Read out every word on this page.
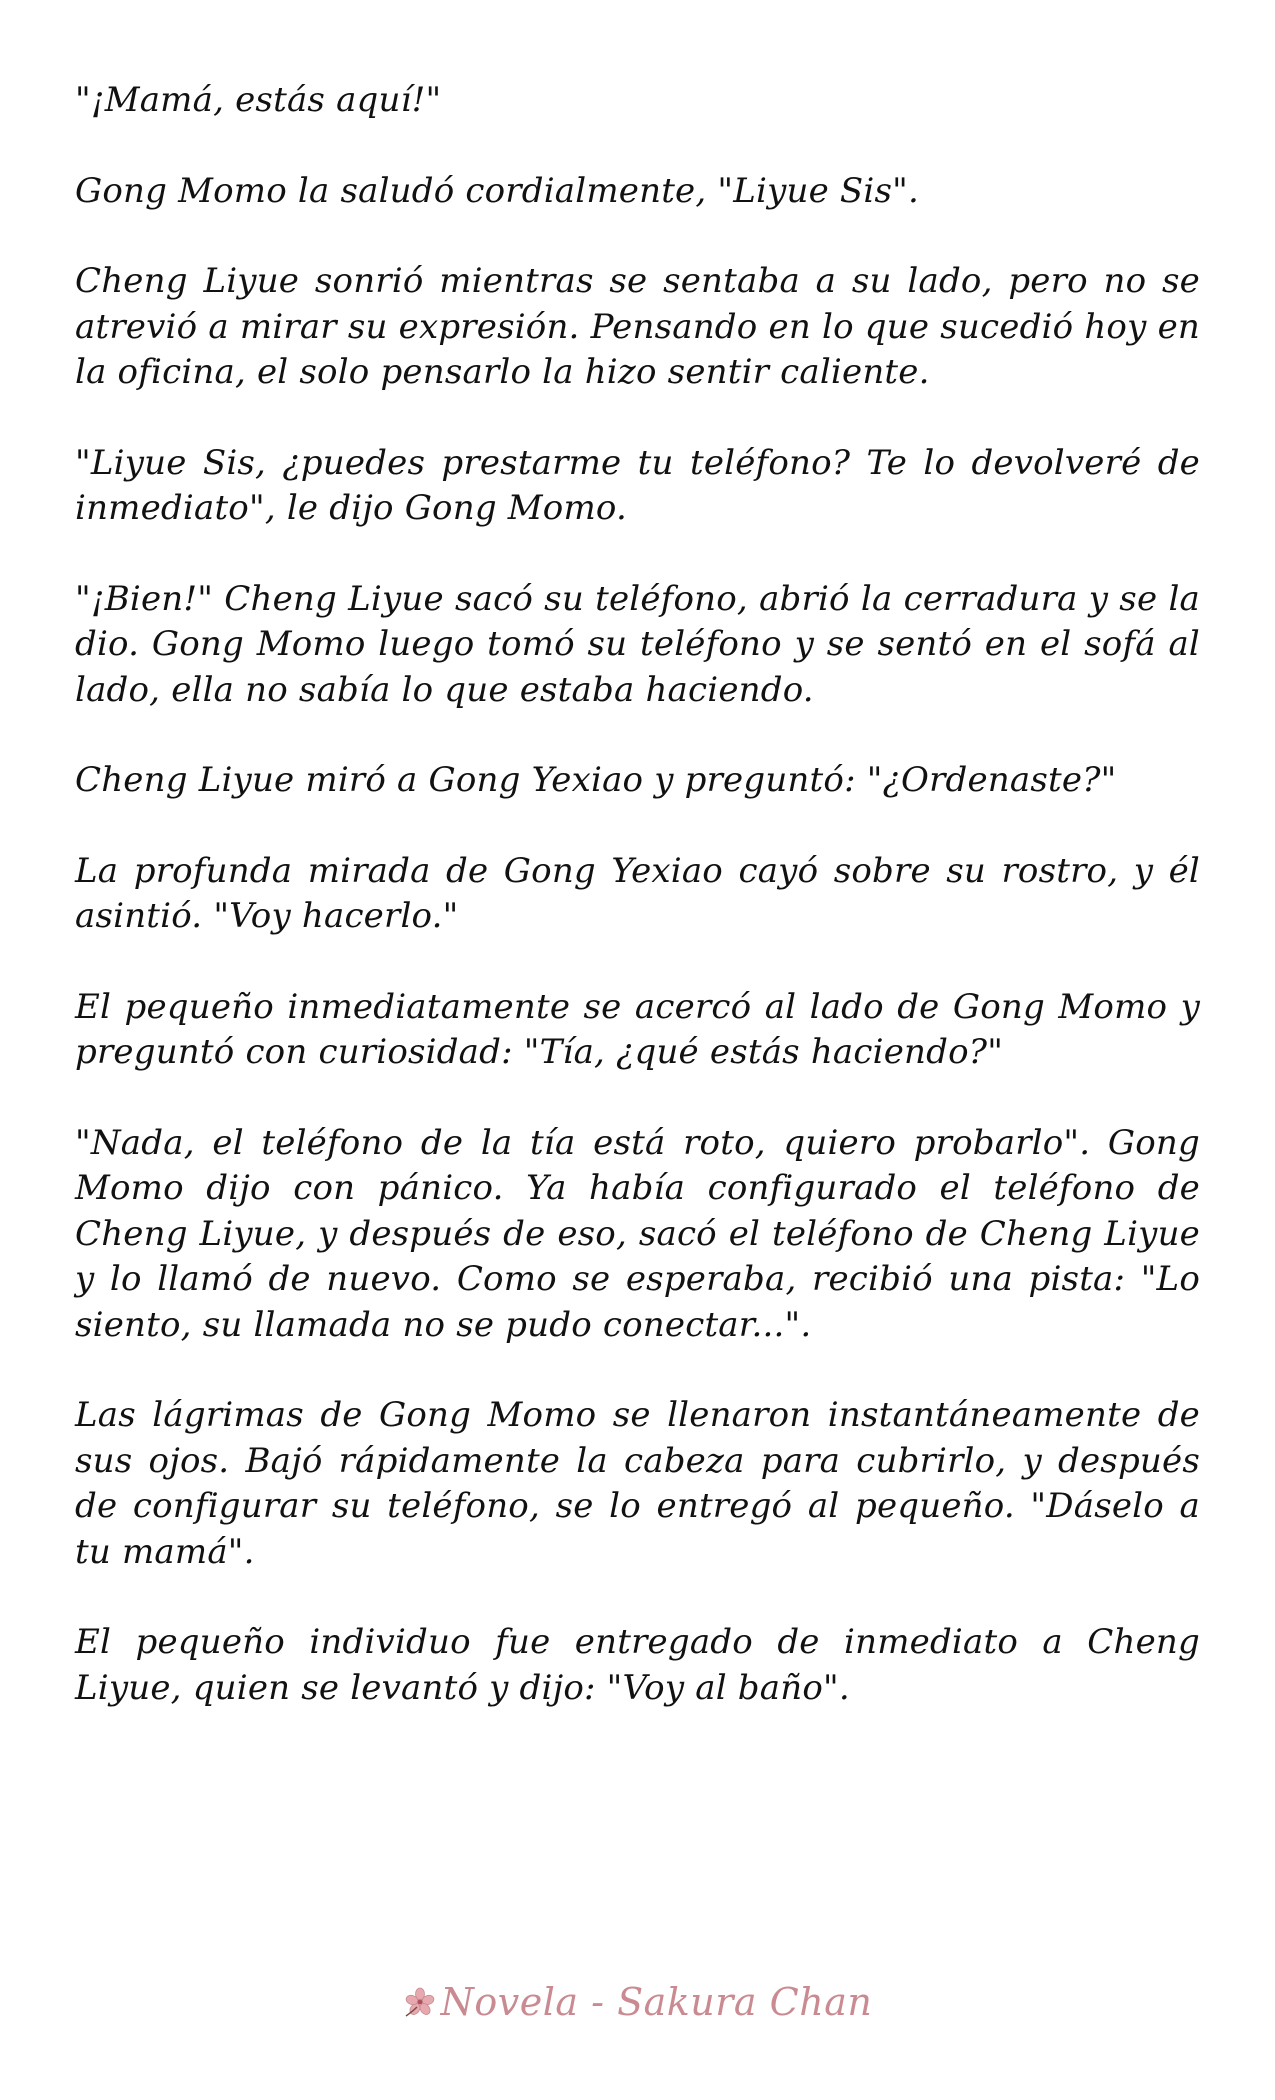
"¡Mamá, estás aquí!"

Gong Momo la saludó cordialmente, "Liyue Sis".

Cheng Liyue sonrió mientras se sentaba a su lado, pero no se atrevió a mirar su expresión. Pensando en lo que sucedió hoy en la oficina, el solo pensarlo la hizo sentir caliente.

"Liyue Sis, ¿puedes prestarme tu teléfono? Te lo devolveré de inmediato", le dijo Gong Momo.

"¡Bien!" Cheng Liyue sacó su teléfono, abrió la cerradura y se la dio. Gong Momo luego tomó su teléfono y se sentó en el sofá al lado, ella no sabía lo que estaba haciendo.

Cheng Liyue miró a Gong Yexiao y preguntó: "¿Ordenaste?"

La profunda mirada de Gong Yexiao cayó sobre su rostro, y él asintió. "Voy hacerlo."

El pequeño inmediatamente se acercó al lado de Gong Momo y preguntó con curiosidad: "Tía, ¿qué estás haciendo?"

"Nada, el teléfono de la tía está roto, quiero probarlo". Gong Momo dijo con pánico. Ya había configurado el teléfono de Cheng Liyue, y después de eso, sacó el teléfono de Cheng Liyue y lo llamó de nuevo. Como se esperaba, recibió una pista: "Lo siento, su llamada no se pudo conectar...".

Las lágrimas de Gong Momo se llenaron instantáneamente de sus ojos. Bajó rápidamente la cabeza para cubrirlo, y después de configurar su teléfono, se lo entregó al pequeño. "Dáselo a tu mamá".

El pequeño individuo fue entregado de inmediato a Cheng Liyue, quien se levantó y dijo: "Voy al baño".

Novela - Sakura Chan
